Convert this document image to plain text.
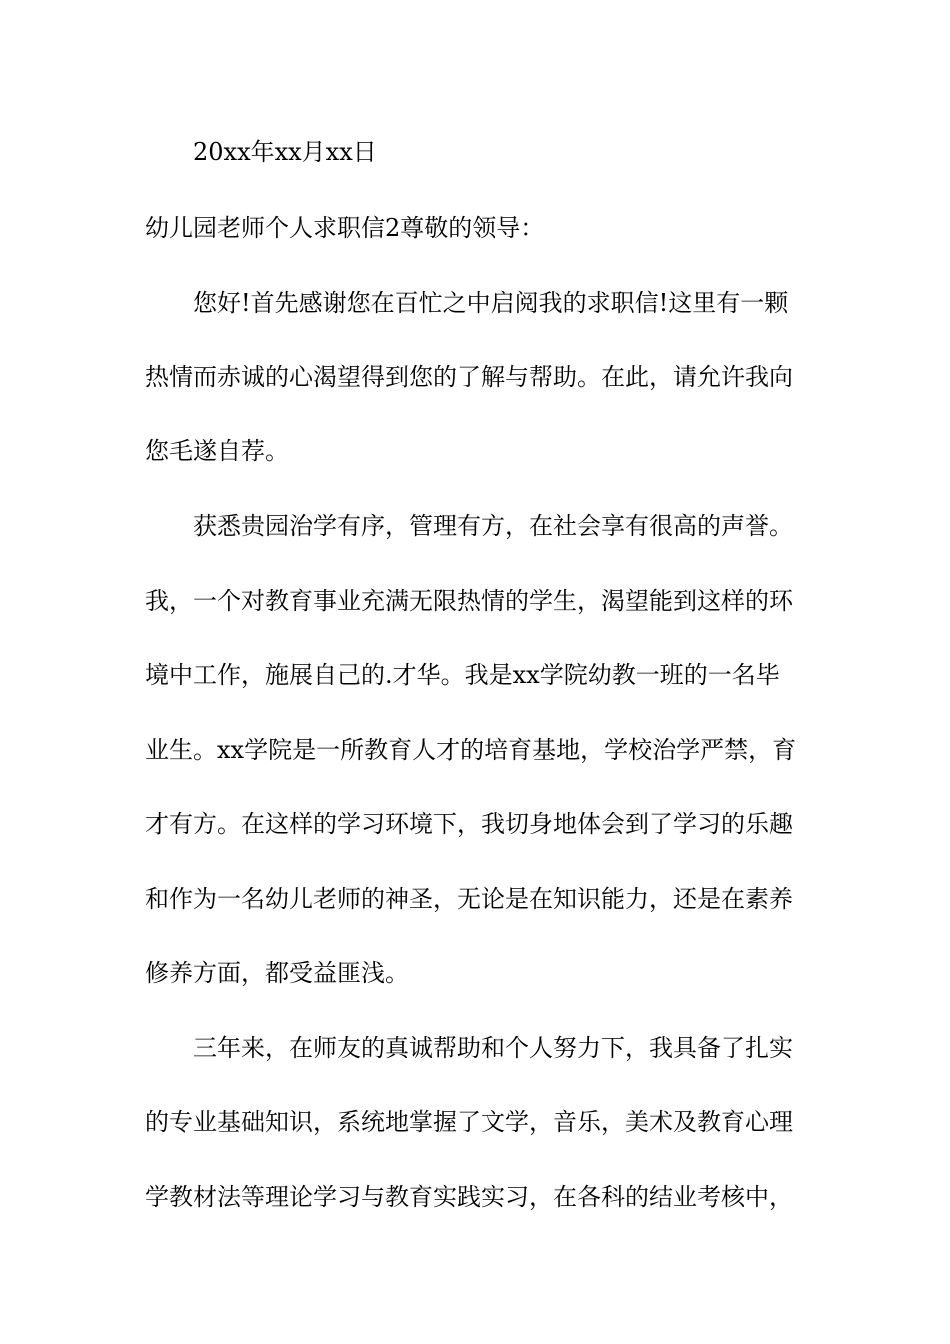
20xx年xx月xx日
幼儿园老师个人求职信2尊敬的领导：
您好!首先感谢您在百忙之中启阅我的求职信!这里有一颗
热情而赤诚的心渴望得到您的了解与帮助。在此，请允许我向
您毛遂自荐。
获悉贵园治学有序，管理有方，在社会享有很高的声誉。
我，一个对教育事业充满无限热情的学生，渴望能到这样的环
境中工作，施展自己的.才华。我是xx学院幼教一班的一名毕
业生。xx学院是一所教育人才的培育基地，学校治学严禁，育
才有方。在这样的学习环境下，我切身地体会到了学习的乐趣
和作为一名幼儿老师的神圣，无论是在知识能力，还是在素养
修养方面，都受益匪浅。
三年来，在师友的真诚帮助和个人努力下，我具备了扎实
的专业基础知识，系统地掌握了文学，音乐，美术及教育心理
学教材法等理论学习与教育实践实习，在各科的结业考核中，
